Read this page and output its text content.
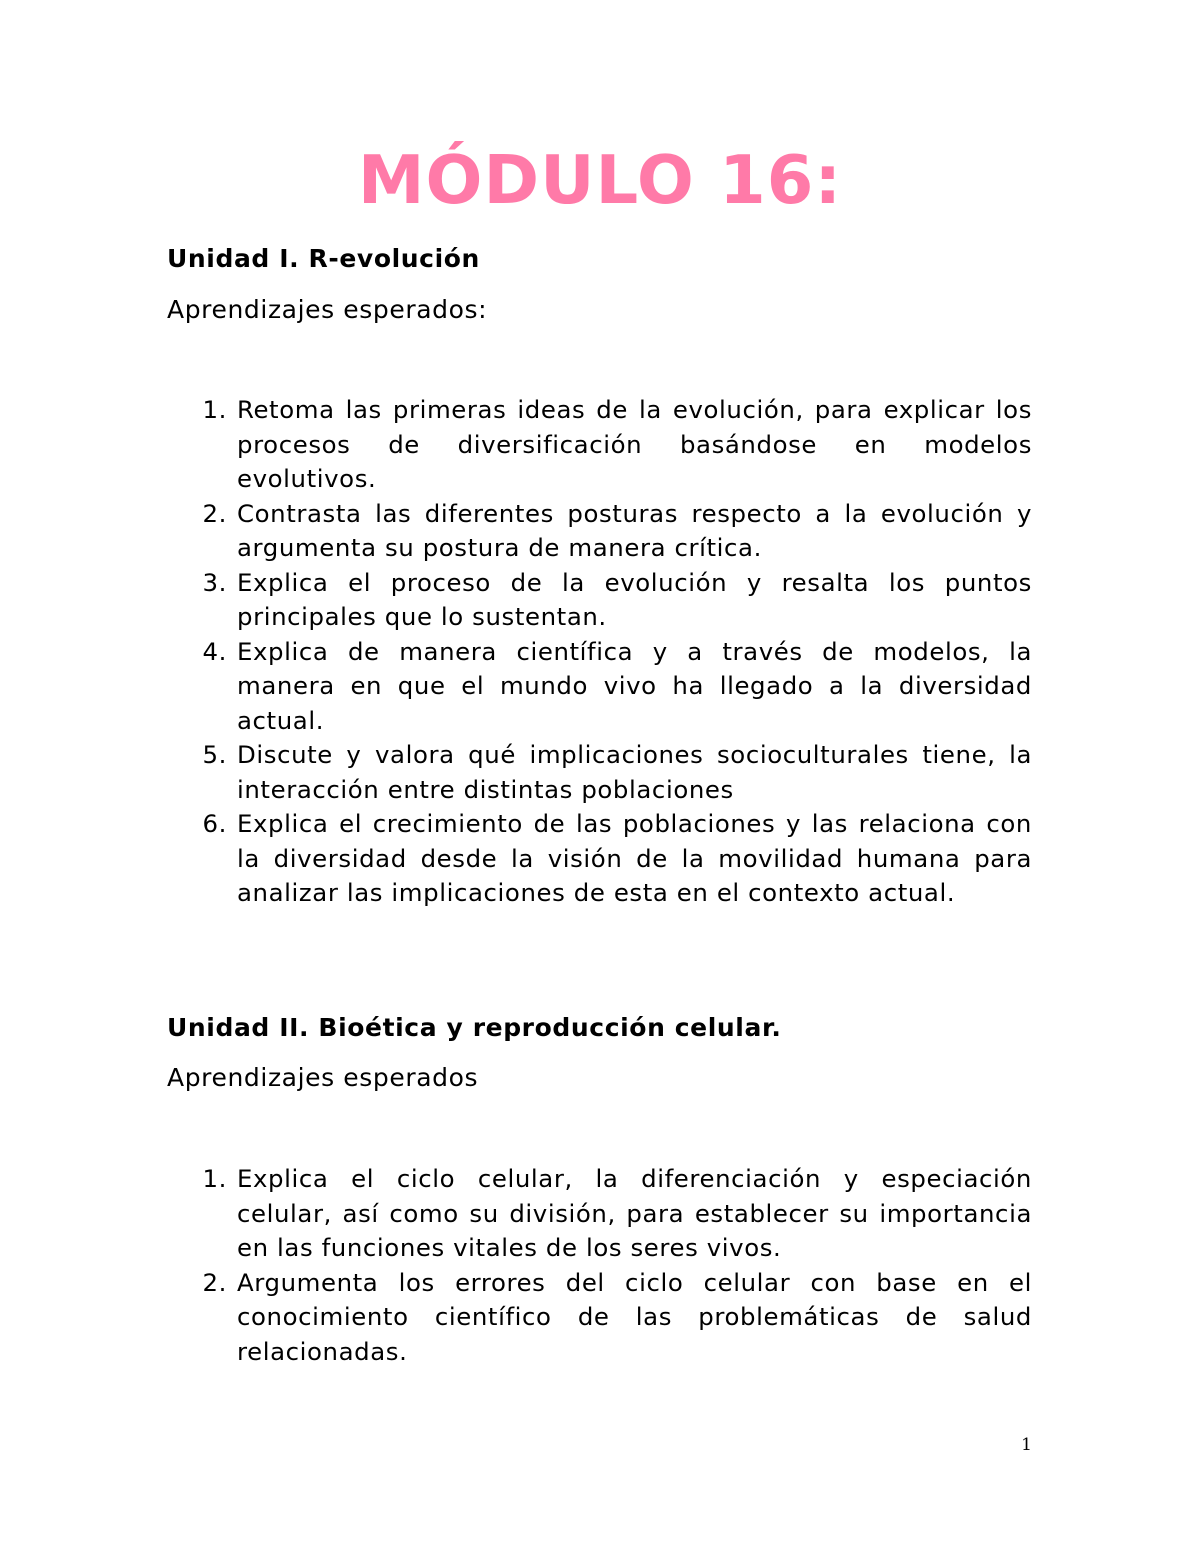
MÓDULO 16:
Unidad I. R-evolución

Aprendizajes esperados:

1. Retoma las primeras ideas de la evolución, para explicar los procesos de diversificación basándose en modelos evolutivos.
2. Contrasta las diferentes posturas respecto a la evolución y argumenta su postura de manera crítica.
3. Explica el proceso de la evolución y resalta los puntos principales que lo sustentan.
4. Explica de manera científica y a través de modelos, la manera en que el mundo vivo ha llegado a la diversidad actual.
5. Discute y valora qué implicaciones socioculturales tiene, la interacción entre distintas poblaciones
6. Explica el crecimiento de las poblaciones y las relaciona con la diversidad desde la visión de la movilidad humana para analizar las implicaciones de esta en el contexto actual.
Unidad II. Bioética y reproducción celular.

Aprendizajes esperados

1. Explica el ciclo celular, la diferenciación y especiación celular, así como su división, para establecer su importancia en las funciones vitales de los seres vivos.
2. Argumenta los errores del ciclo celular con base en el conocimiento científico de las problemáticas de salud relacionadas.
1
